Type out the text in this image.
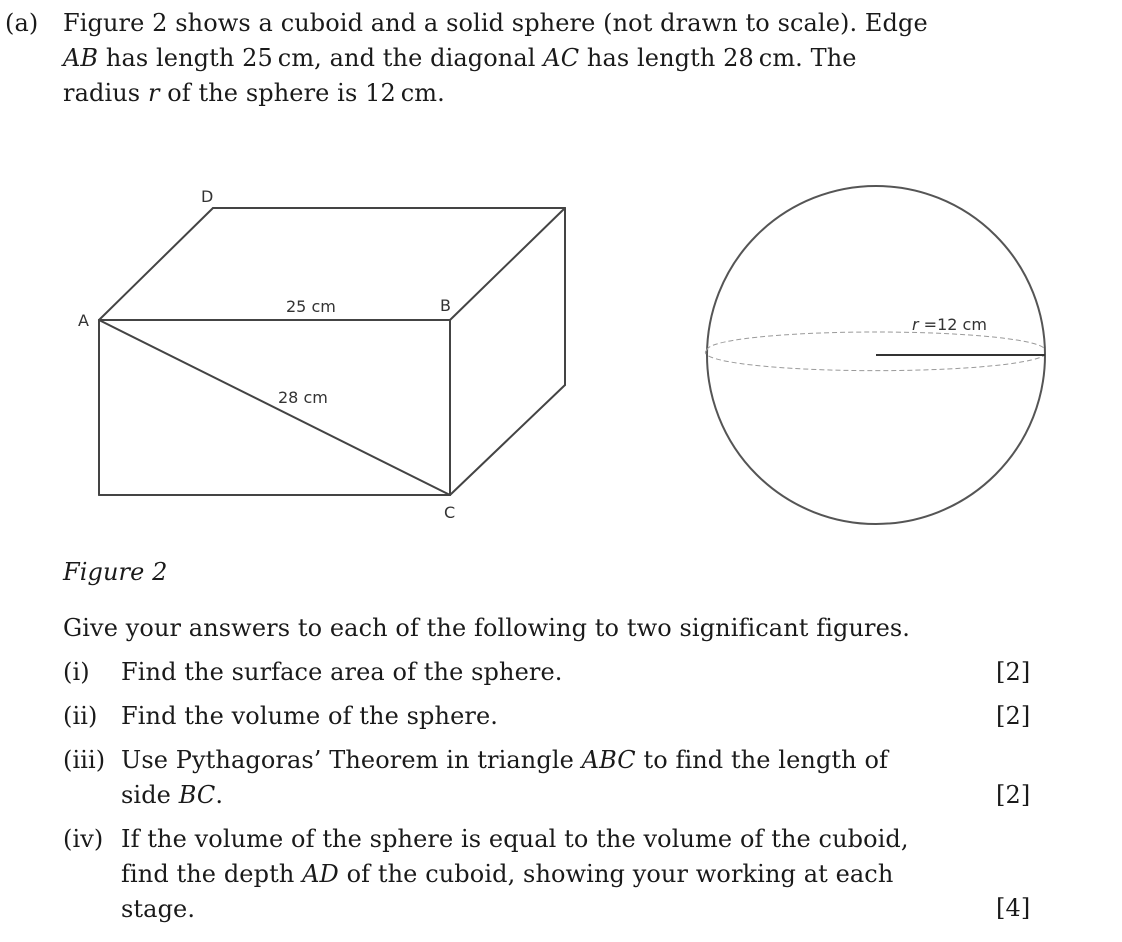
(a) Figure 2 shows a cuboid and a solid sphere (not drawn to scale). Edge
AB has length 25 cm, and the diagonal AC has length 28 cm. The
radius r of the sphere is 12 cm.
D
A
B
C
25 cm
28 cm
r =12 cm
Figure 2
Give your answers to each of the following to two significant figures.
(i) Find the surface area of the sphere.	[2]
(ii) Find the volume of the sphere.	[2]
(iii) Use Pythagoras’ Theorem in triangle ABC to find the length of
side BC.	[2]
(iv) If the volume of the sphere is equal to the volume of the cuboid,
find the depth AD of the cuboid, showing your working at each
stage.	[4]
